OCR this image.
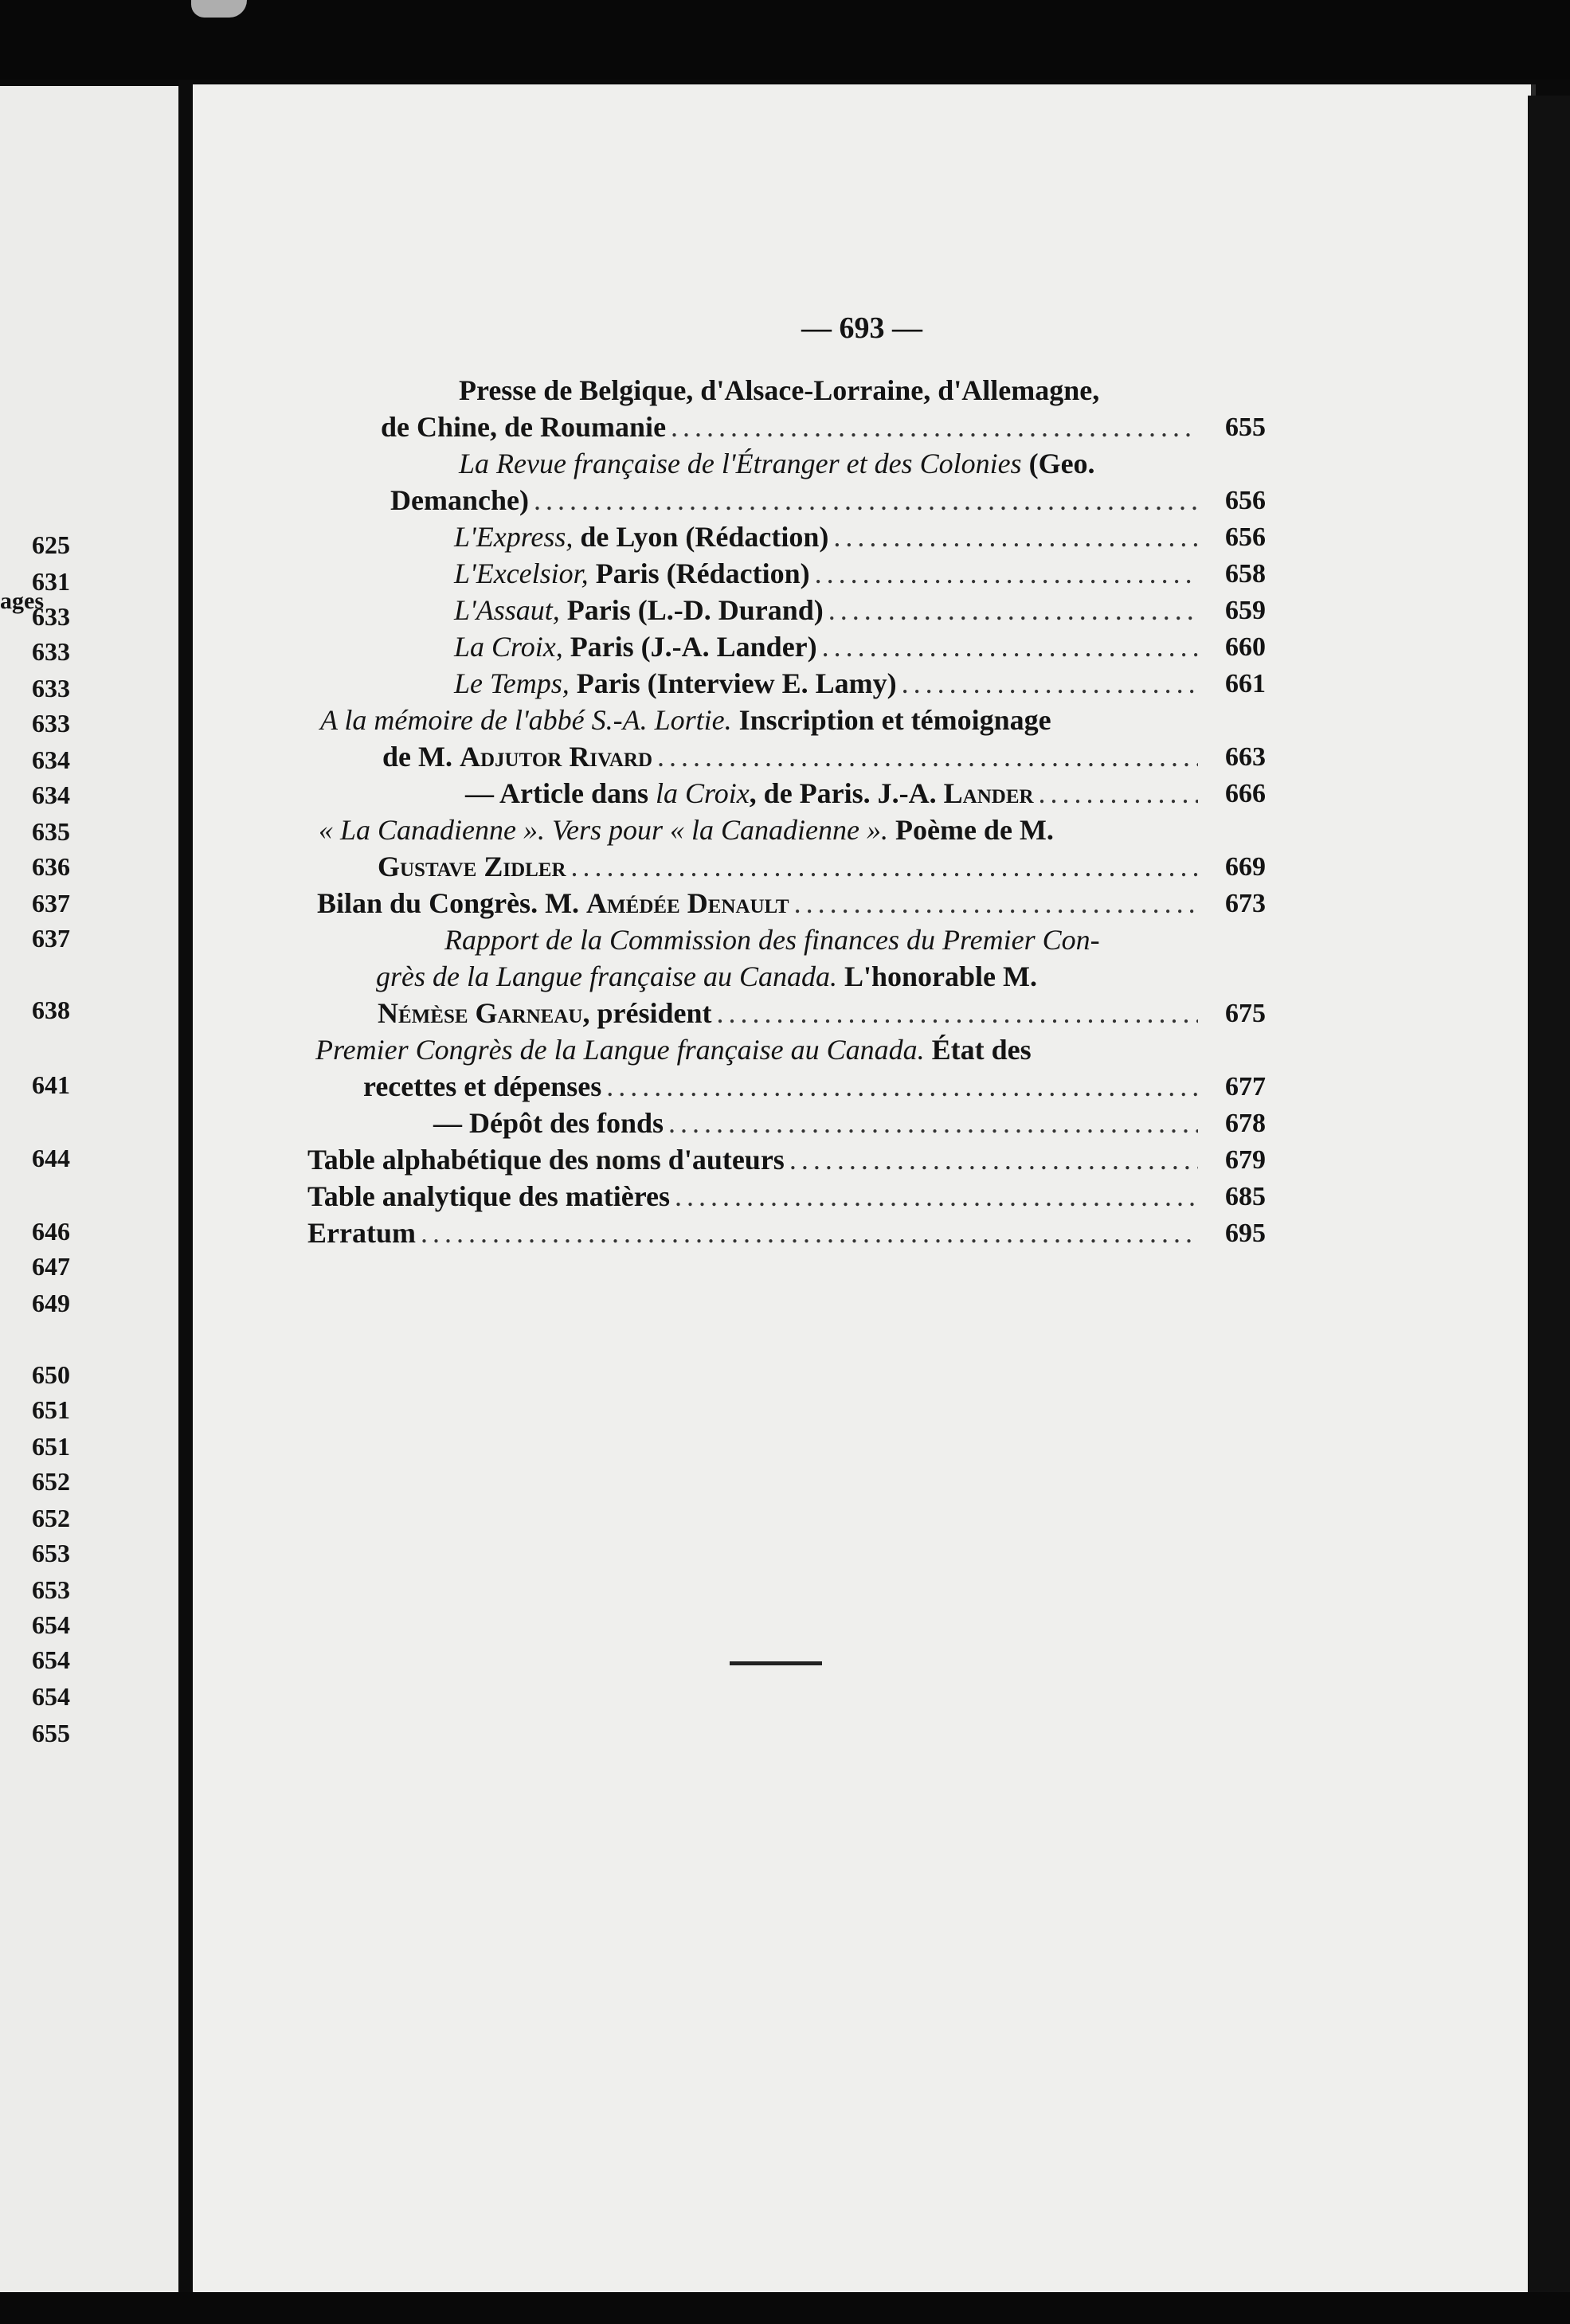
ages
625
631
633
633
633
633
634
634
635
636
637
637
638
641
644
646
647
649
650
651
651
652
652
653
653
654
654
654
655
— 693 —
Presse de Belgique, d'Alsace-Lorraine, d'Allemagne,
655
de Chine, de Roumanie
.....
La Revue française de l'Étranger et des Colonies (Geo.
656
Demanche)
.....
656
L'Express, de Lyon (Rédaction)
.....
658
L'Excelsior, Paris (Rédaction)
.....
659
L'Assaut, Paris (L.-D. Durand)
.....
660
La Croix, Paris (J.-A. Lander)
.....
661
Le Temps, Paris (Interview E. Lamy)
.....
A la mémoire de l'abbé S.-A. Lortie. Inscription et témoignage
663
de M. Adjutor Rivard
.....
666
— Article dans la Croix, de Paris. J.-A. Lander
.....
« La Canadienne ». Vers pour « la Canadienne ». Poème de M.
669
Gustave Zidler
.....
673
Bilan du Congrès. M. Amédée Denault
.....
Rapport de la Commission des finances du Premier Con-
grès de la Langue française au Canada. L'honorable M.
675
Némèse Garneau, président
.....
Premier Congrès de la Langue française au Canada. État des
677
recettes et dépenses
.....
678
— Dépôt des fonds
.....
679
Table alphabétique des noms d'auteurs
.....
685
Table analytique des matières
.....
695
Erratum
.....
